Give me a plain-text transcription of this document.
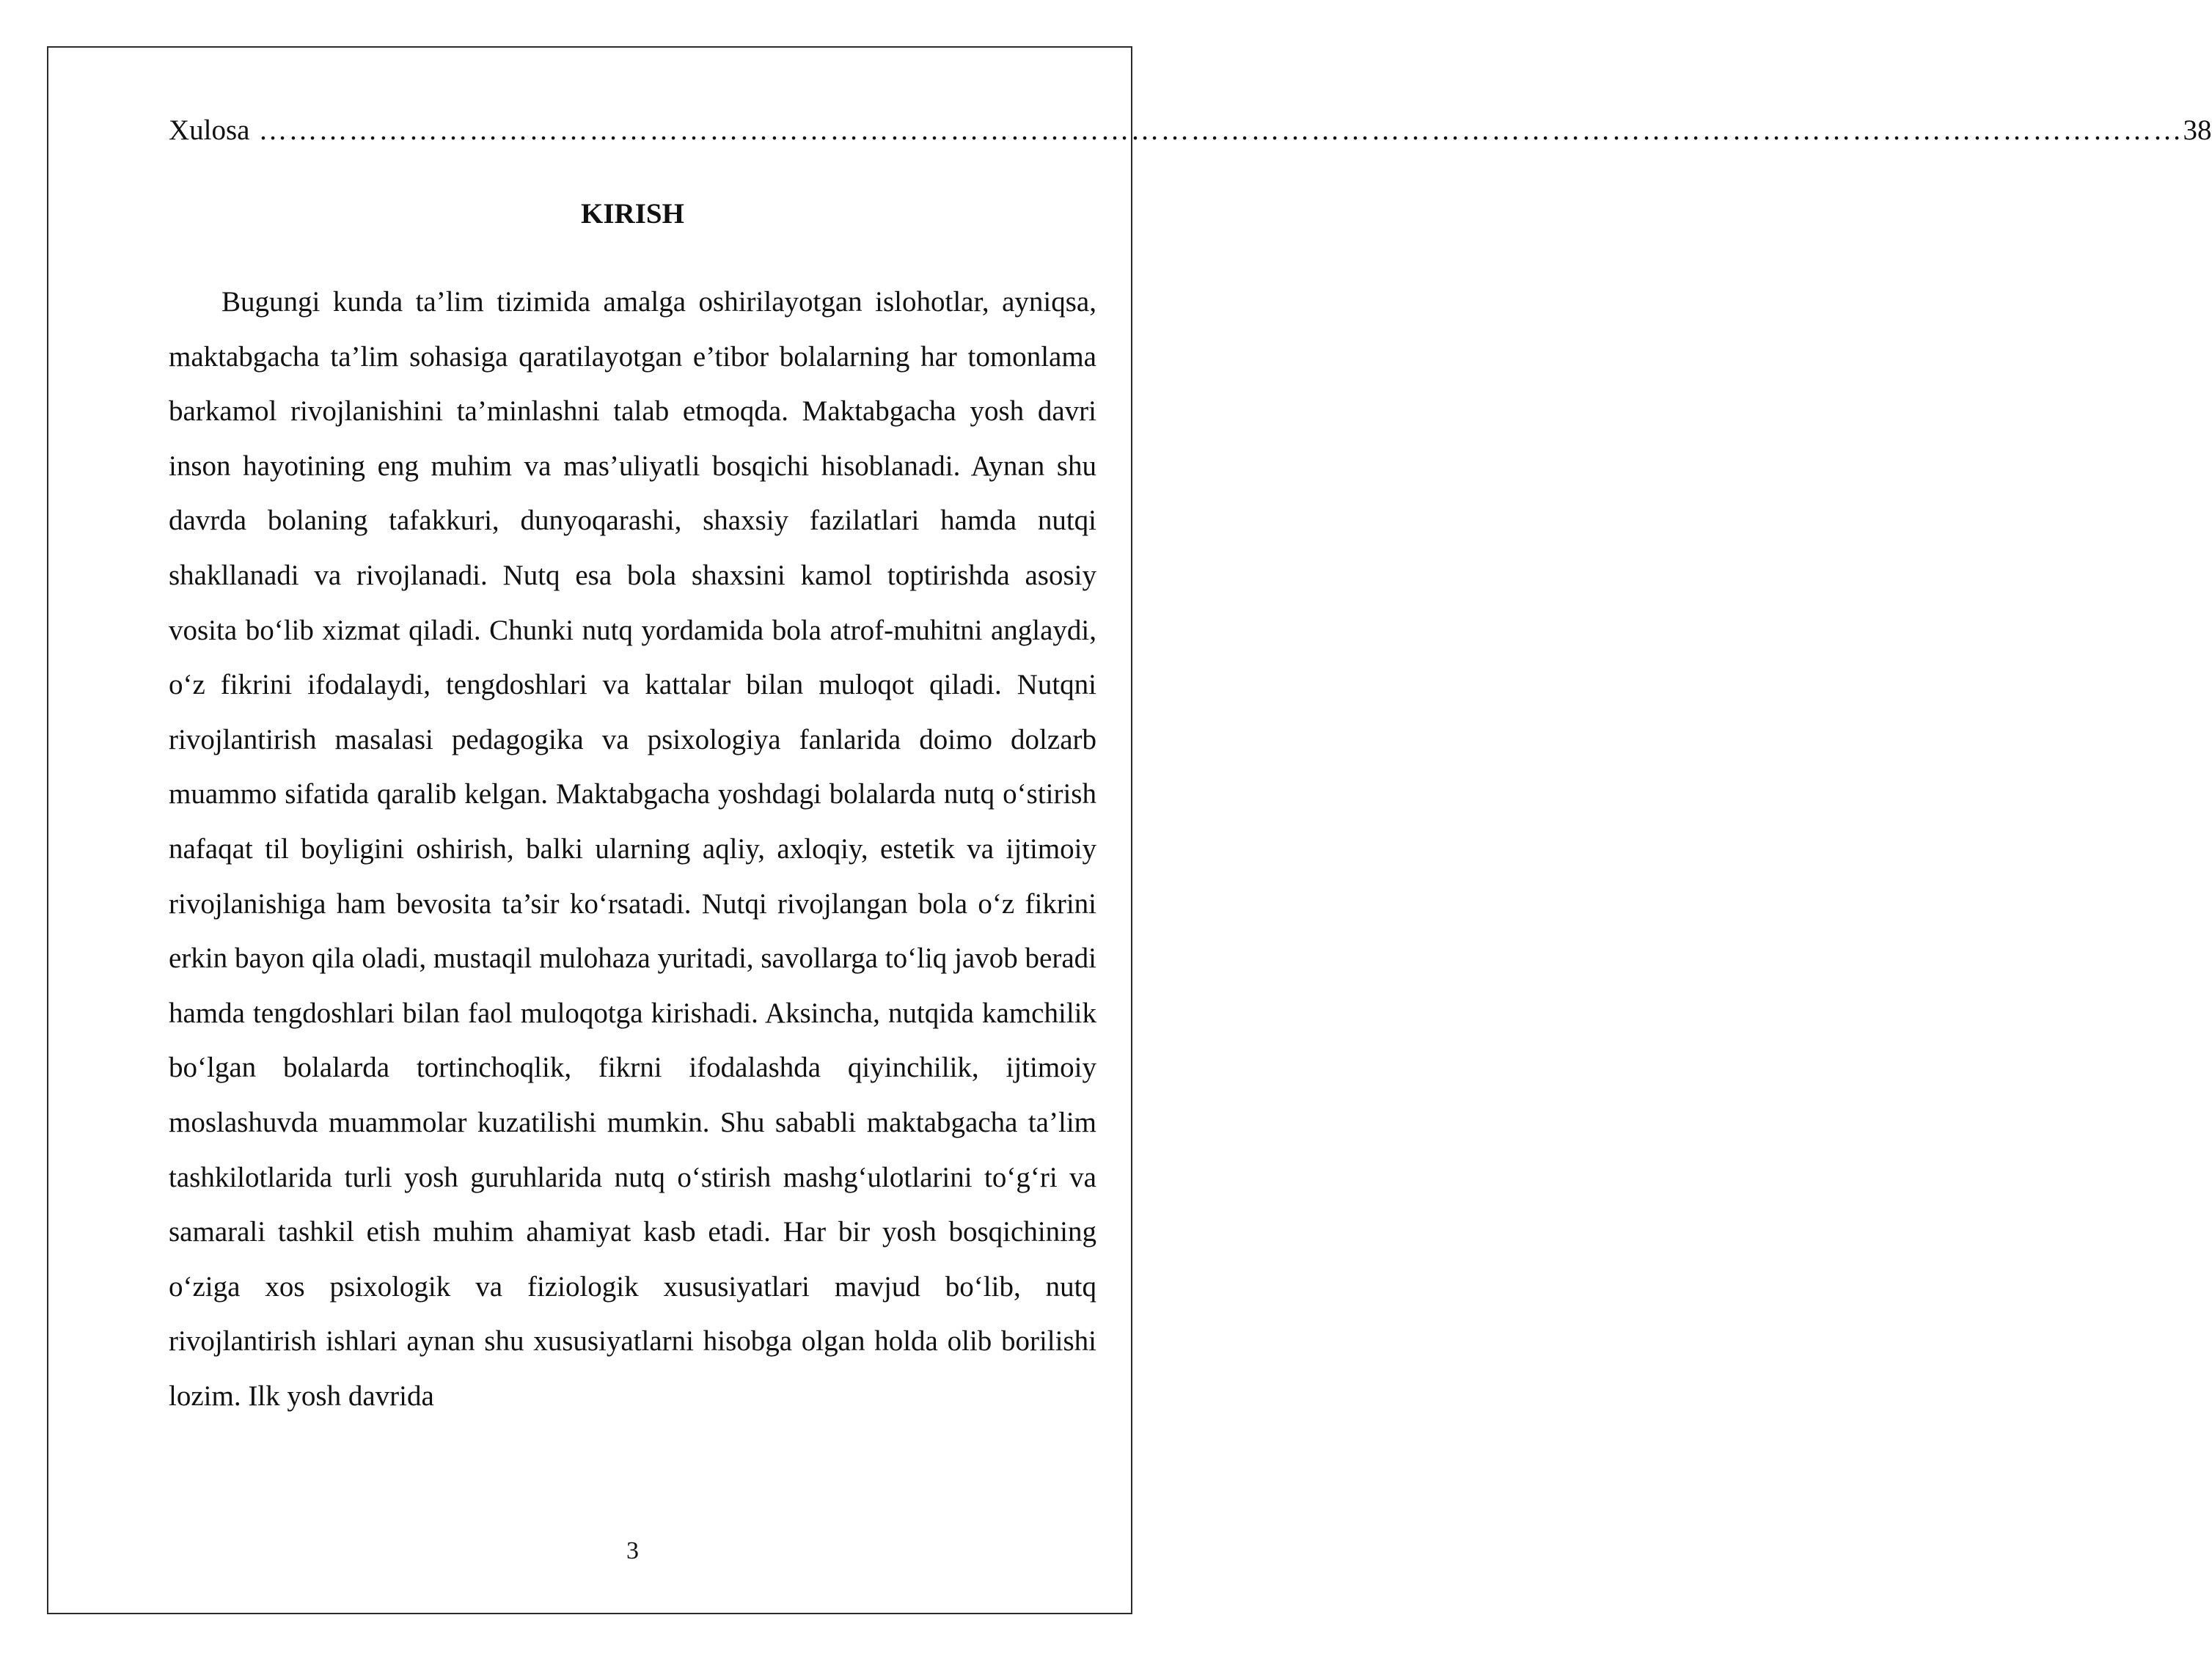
Xulosa ………………………………………………………………………………………………………………………………………………………………………… 38
KIRISH

Bugungi kunda ta’lim tizimida amalga oshirilayotgan islohotlar, ayniqsa, maktabgacha ta’lim sohasiga qaratilayotgan e’tibor bolalarning har tomonlama barkamol rivojlanishini ta’minlashni talab etmoqda. Maktabgacha yosh davri inson hayotining eng muhim va mas’uliyatli bosqichi hisoblanadi. Aynan shu davrda bolaning tafakkuri, dunyoqarashi, shaxsiy fazilatlari hamda nutqi shakllanadi va rivojlanadi. Nutq esa bola shaxsini kamol toptirishda asosiy vosita bo‘lib xizmat qiladi. Chunki nutq yordamida bola atrof-muhitni anglaydi, o‘z fikrini ifodalaydi, tengdoshlari va kattalar bilan muloqot qiladi. Nutqni rivojlantirish masalasi pedagogika va psixologiya fanlarida doimo dolzarb muammo sifatida qaralib kelgan. Maktabgacha yoshdagi bolalarda nutq o‘stirish nafaqat til boyligini oshirish, balki ularning aqliy, axloqiy, estetik va ijtimoiy rivojlanishiga ham bevosita ta’sir ko‘rsatadi. Nutqi rivojlangan bola o‘z fikrini erkin bayon qila oladi, mustaqil mulohaza yuritadi, savollarga to‘liq javob beradi hamda tengdoshlari bilan faol muloqotga kirishadi. Aksincha, nutqida kamchilik bo‘lgan bolalarda tortinchoqlik, fikrni ifodalashda qiyinchilik, ijtimoiy moslashuvda muammolar kuzatilishi mumkin. Shu sababli maktabgacha ta’lim tashkilotlarida turli yosh guruhlarida nutq o‘stirish mashg‘ulotlarini to‘g‘ri va samarali tashkil etish muhim ahamiyat kasb etadi. Har bir yosh bosqichining o‘ziga xos psixologik va fiziologik xususiyatlari mavjud bo‘lib, nutq rivojlantirish ishlari aynan shu xususiyatlarni hisobga olgan holda olib borilishi lozim. Ilk yosh davrida

3
